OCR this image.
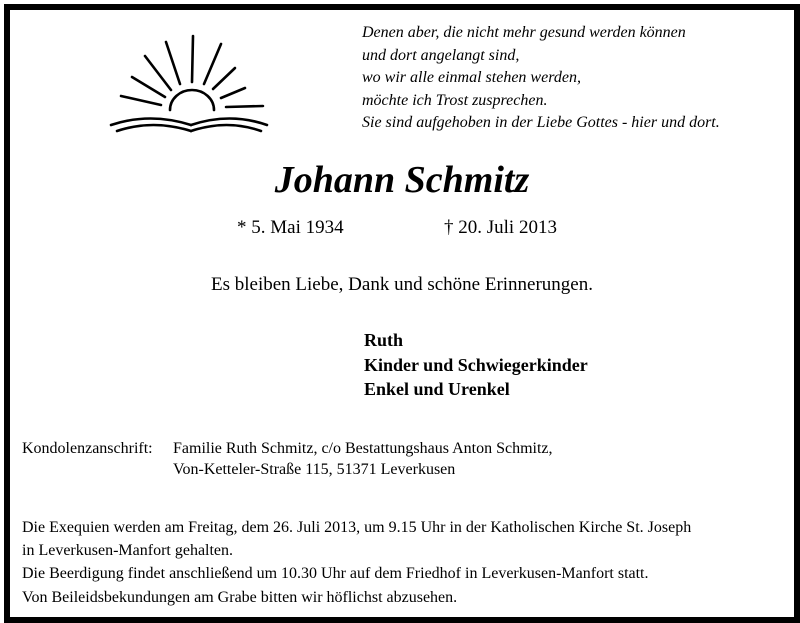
Denen aber, die nicht mehr gesund werden können
und dort angelangt sind,
wo wir alle einmal stehen werden,
möchte ich Trost zusprechen.
Sie sind aufgehoben in der Liebe Gottes - hier und dort.
Johann Schmitz
* 5. Mai 1934	† 20. Juli 2013
Es bleiben Liebe, Dank und schöne Erinnerungen.
Ruth
Kinder und Schwiegerkinder
Enkel und Urenkel
Kondolenzanschrift: Familie Ruth Schmitz, c/o Bestattungshaus Anton Schmitz,
Von-Ketteler-Straße 115, 51371 Leverkusen
Die Exequien werden am Freitag, dem 26. Juli 2013, um 9.15 Uhr in der Katholischen Kirche St. Joseph
in Leverkusen-Manfort gehalten.
Die Beerdigung findet anschließend um 10.30 Uhr auf dem Friedhof in Leverkusen-Manfort statt.
Von Beileidsbekundungen am Grabe bitten wir höflichst abzusehen.
